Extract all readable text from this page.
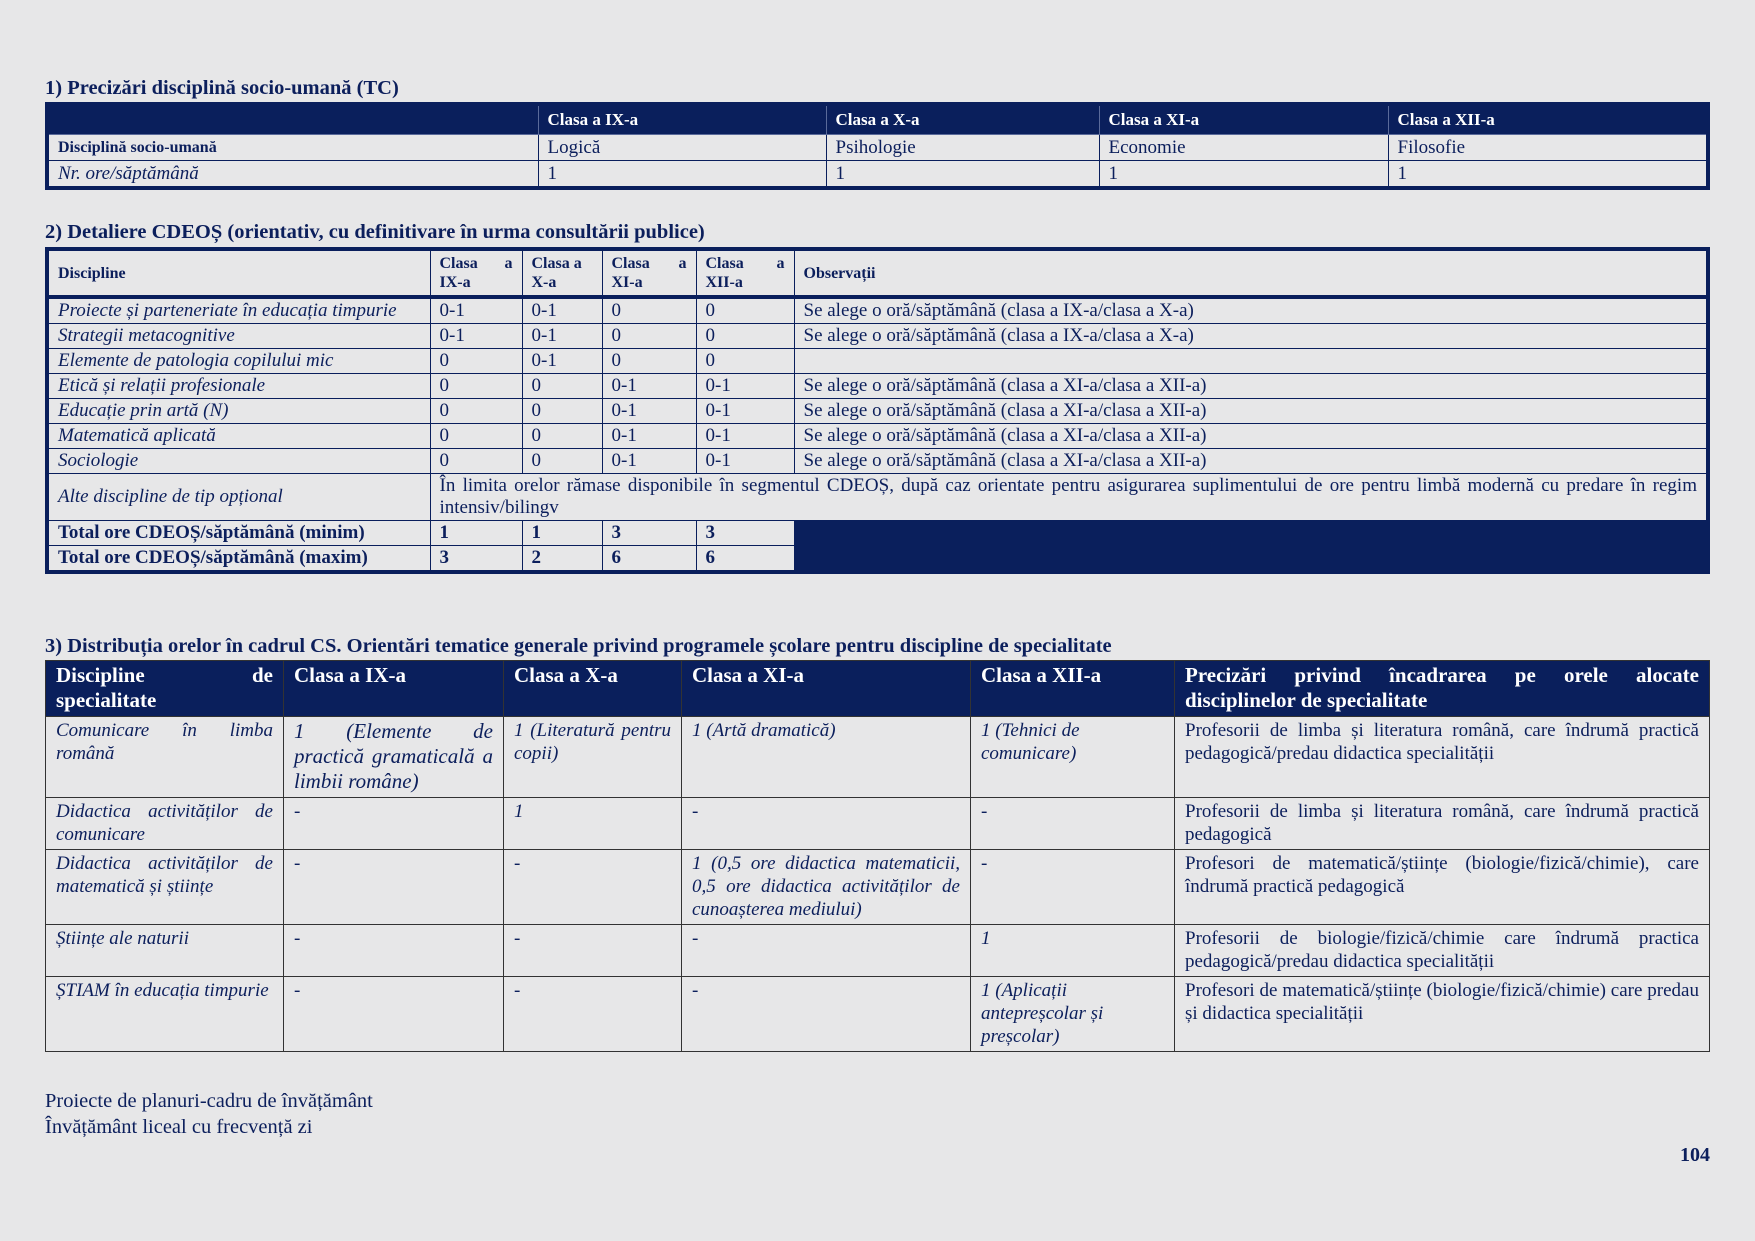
1) Precizări disciplină socio-umană (TC)
	Clasa a IX-a	Clasa a X-a	Clasa a XI-a	Clasa a XII-a
Disciplină socio-umană	Logică	Psihologie	Economie	Filosofie
Nr. ore/săptămână	1	1	1	1
2) Detaliere CDEOȘ (orientativ, cu definitivare în urma consultării publice)
Discipline	Clasa a IX-a	Clasa a X-a	Clasa a XI-a	Clasa a XII-a	Observații
Proiecte și parteneriate în educația timpurie	0-1	0-1	0	0	Se alege o oră/săptămână (clasa a IX-a/clasa a X-a)
Strategii metacognitive	0-1	0-1	0	0	Se alege o oră/săptămână (clasa a IX-a/clasa a X-a)
Elemente de patologia copilului mic	0	0-1	0	0	
Etică și relații profesionale	0	0	0-1	0-1	Se alege o oră/săptămână (clasa a XI-a/clasa a XII-a)
Educație prin artă (N)	0	0	0-1	0-1	Se alege o oră/săptămână (clasa a XI-a/clasa a XII-a)
Matematică aplicată	0	0	0-1	0-1	Se alege o oră/săptămână (clasa a XI-a/clasa a XII-a)
Sociologie	0	0	0-1	0-1	Se alege o oră/săptămână (clasa a XI-a/clasa a XII-a)
Alte discipline de tip opțional	În limita orelor rămase disponibile în segmentul CDEOȘ, după caz orientate pentru asigurarea suplimentului de ore pentru limbă modernă cu predare în regim intensiv/bilingv				
Total ore CDEOȘ/săptămână (minim)	1	1	3	3	
Total ore CDEOȘ/săptămână (maxim)	3	2	6	6	
3) Distribuția orelor în cadrul CS. Orientări tematice generale privind programele școlare pentru discipline de specialitate
Discipline de specialitate	Clasa a IX-a	Clasa a X-a	Clasa a XI-a	Clasa a XII-a	Precizări privind încadrarea pe orele alocate disciplinelor de specialitate
Comunicare în limba română	1 (Elemente de practică gramaticală a limbii române)	1 (Literatură pentru copii)	1 (Artă dramatică)	1 (Tehnici de comunicare)	Profesorii de limba și literatura română, care îndrumă practică pedagogică/predau didactica specialității
Didactica activităților de comunicare	-	1	-	-	Profesorii de limba și literatura română, care îndrumă practică pedagogică
Didactica activităților de matematică și științe	-	-	1 (0,5 ore didactica matematicii, 0,5 ore didactica activităților de cunoașterea mediului)	-	Profesori de matematică/științe (biologie/fizică/chimie), care îndrumă practică pedagogică
Științe ale naturii	-	-	-	1	Profesorii de biologie/fizică/chimie care îndrumă practica pedagogică/predau didactica specialității
ȘTIAM în educația timpurie	-	-	-	1 (Aplicații antepreșcolar și preșcolar)	Profesori de matematică/științe (biologie/fizică/chimie) care predau și didactica specialității
Proiecte de planuri-cadru de învățământ
Învățământ liceal cu frecvență zi
104
